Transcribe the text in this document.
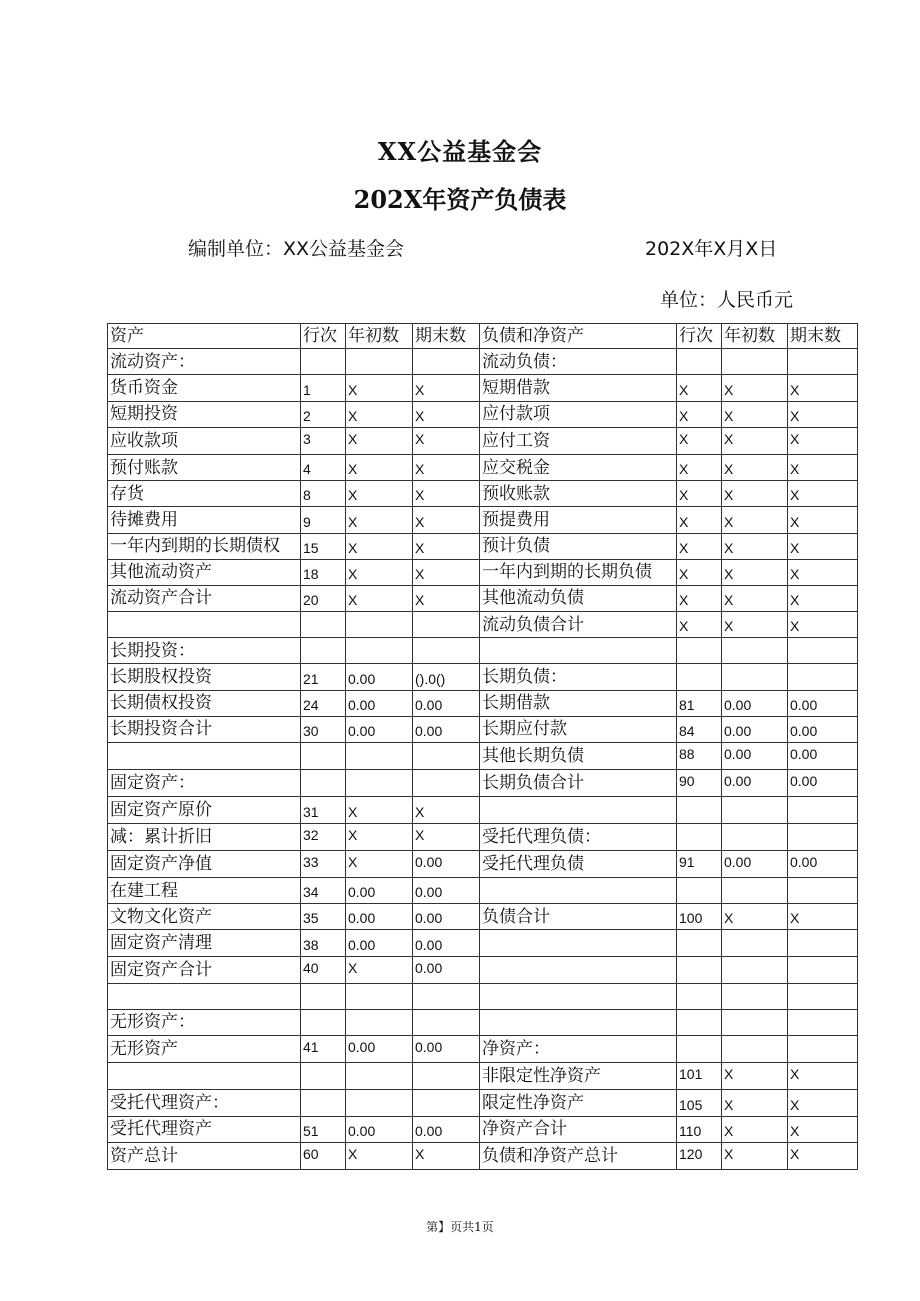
XX公益基金会
202X年资产负债表
编制单位：XX公益基金会	202X年X月X日
单位：人民币元
资产	行次	年初数	期末数	负债和净资产	行次	年初数	期末数
流动资产：				流动负债：			
货币资金	1	X	X	短期借款	X	X	X
短期投资	2	X	X	应付款项	X	X	X
应收款项	3	X	X	应付工资	X	X	X
预付账款	4	X	X	应交税金	X	X	X
存货	8	X	X	预收账款	X	X	X
待摊费用	9	X	X	预提费用	X	X	X
一年内到期的长期债权	15	X	X	预计负债	X	X	X
其他流动资产	18	X	X	一年内到期的长期负债	X	X	X
流动资产合计	20	X	X	其他流动负债	X	X	X
				流动负债合计	X	X	X
长期投资：							
长期股权投资	21	0.00	().0()	长期负债：			
长期债权投资	24	0.00	0.00	长期借款	81	0.00	0.00
长期投资合计	30	0.00	0.00	长期应付款	84	0.00	0.00
				其他长期负债	88	0.00	0.00
固定资产：				长期负债合计	90	0.00	0.00
固定资产原价	31	X	X				
减：累计折旧	32	X	X	受托代理负债：			
固定资产净值	33	X	0.00	受托代理负债	91	0.00	0.00
在建工程	34	0.00	0.00				
文物文化资产	35	0.00	0.00	负债合计	100	X	X
固定资产清理	38	0.00	0.00				
固定资产合计	40	X	0.00				

无形资产：							
无形资产	41	0.00	0.00	净资产：			
				非限定性净资产	101	X	X
受托代理资产：				限定性净资产	105	X	X
受托代理资产	51	0.00	0.00	净资产合计	110	X	X
资产总计	60	X	X	负债和净资产总计	120	X	X
第】页共1页
